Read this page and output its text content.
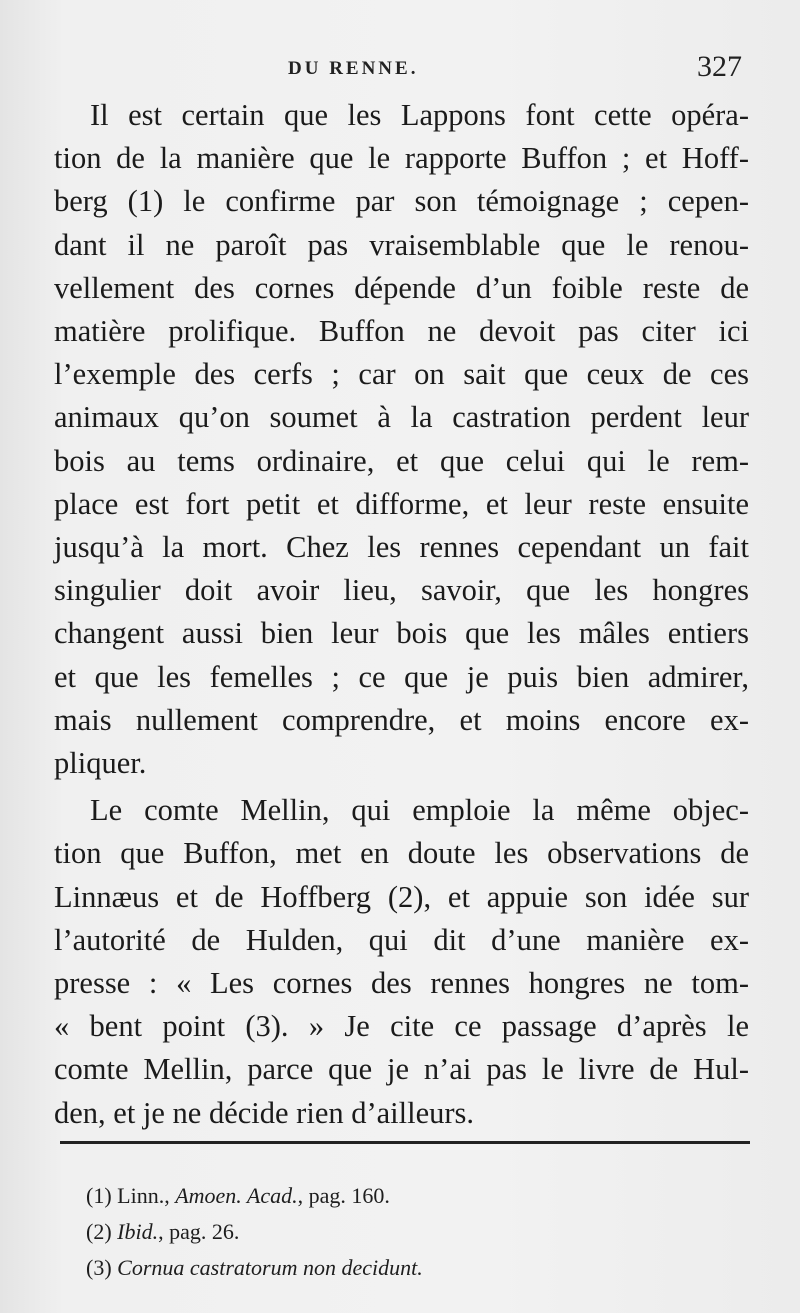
DU RENNE.	327

Il est certain que les Lappons font cette opéra-
tion de la manière que le rapporte Buffon ; et Hoff-
berg (1) le confirme par son témoignage ; cepen-
dant il ne paroît pas vraisemblable que le renou-
vellement des cornes dépende d’un foible reste de
matière prolifique. Buffon ne devoit pas citer ici
l’exemple des cerfs ; car on sait que ceux de ces
animaux qu’on soumet à la castration perdent leur
bois au tems ordinaire, et que celui qui le rem-
place est fort petit et difforme, et leur reste ensuite
jusqu’à la mort. Chez les rennes cependant un fait
singulier doit avoir lieu, savoir, que les hongres
changent aussi bien leur bois que les mâles entiers
et que les femelles ; ce que je puis bien admirer,
mais nullement comprendre, et moins encore ex-
pliquer.

Le comte Mellin, qui emploie la même objec-
tion que Buffon, met en doute les observations de
Linnæus et de Hoffberg (2), et appuie son idée sur
l’autorité de Hulden, qui dit d’une manière ex-
presse : « Les cornes des rennes hongres ne tom-
« bent point (3). » Je cite ce passage d’après le
comte Mellin, parce que je n’ai pas le livre de Hul-
den, et je ne décide rien d’ailleurs.

(1) Linn., Amoen. Acad., pag. 160.
(2) Ibid., pag. 26.
(3) Cornua castratorum non decidunt.
